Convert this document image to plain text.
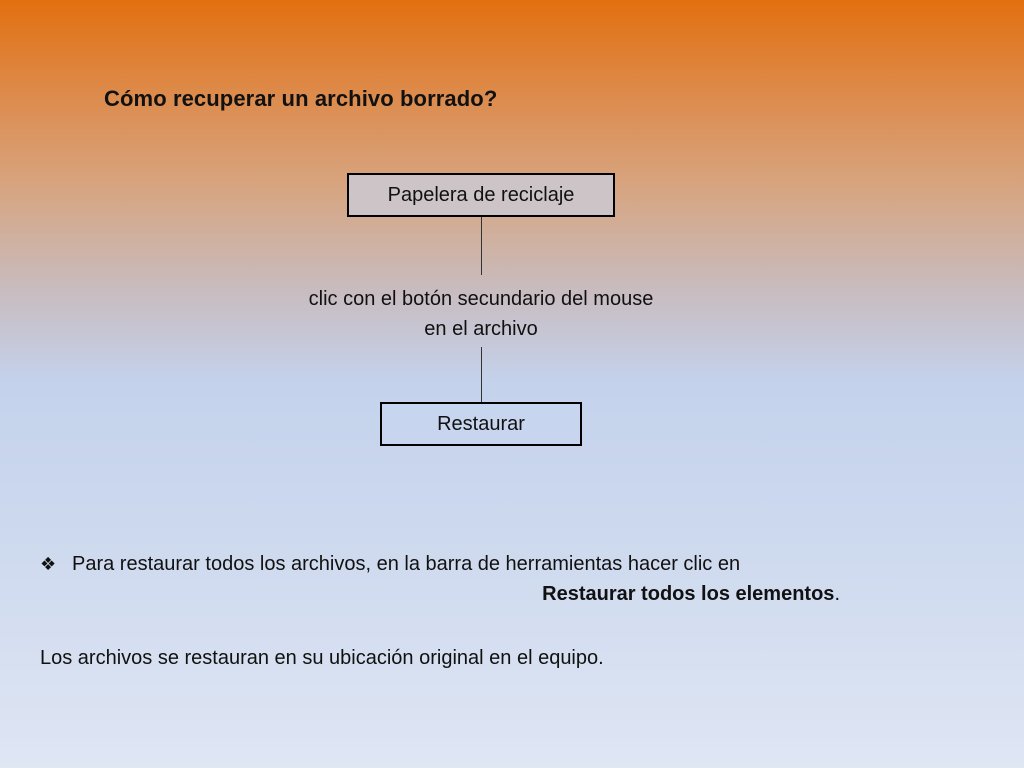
Cómo recuperar un archivo borrado?
Papelera de reciclaje
clic con el botón secundario del mouse
en el archivo
Restaurar
❖ Para restaurar todos los archivos, en la barra de herramientas hacer clic en
Restaurar todos los elementos.
Los archivos se restauran en su ubicación original en el equipo.
